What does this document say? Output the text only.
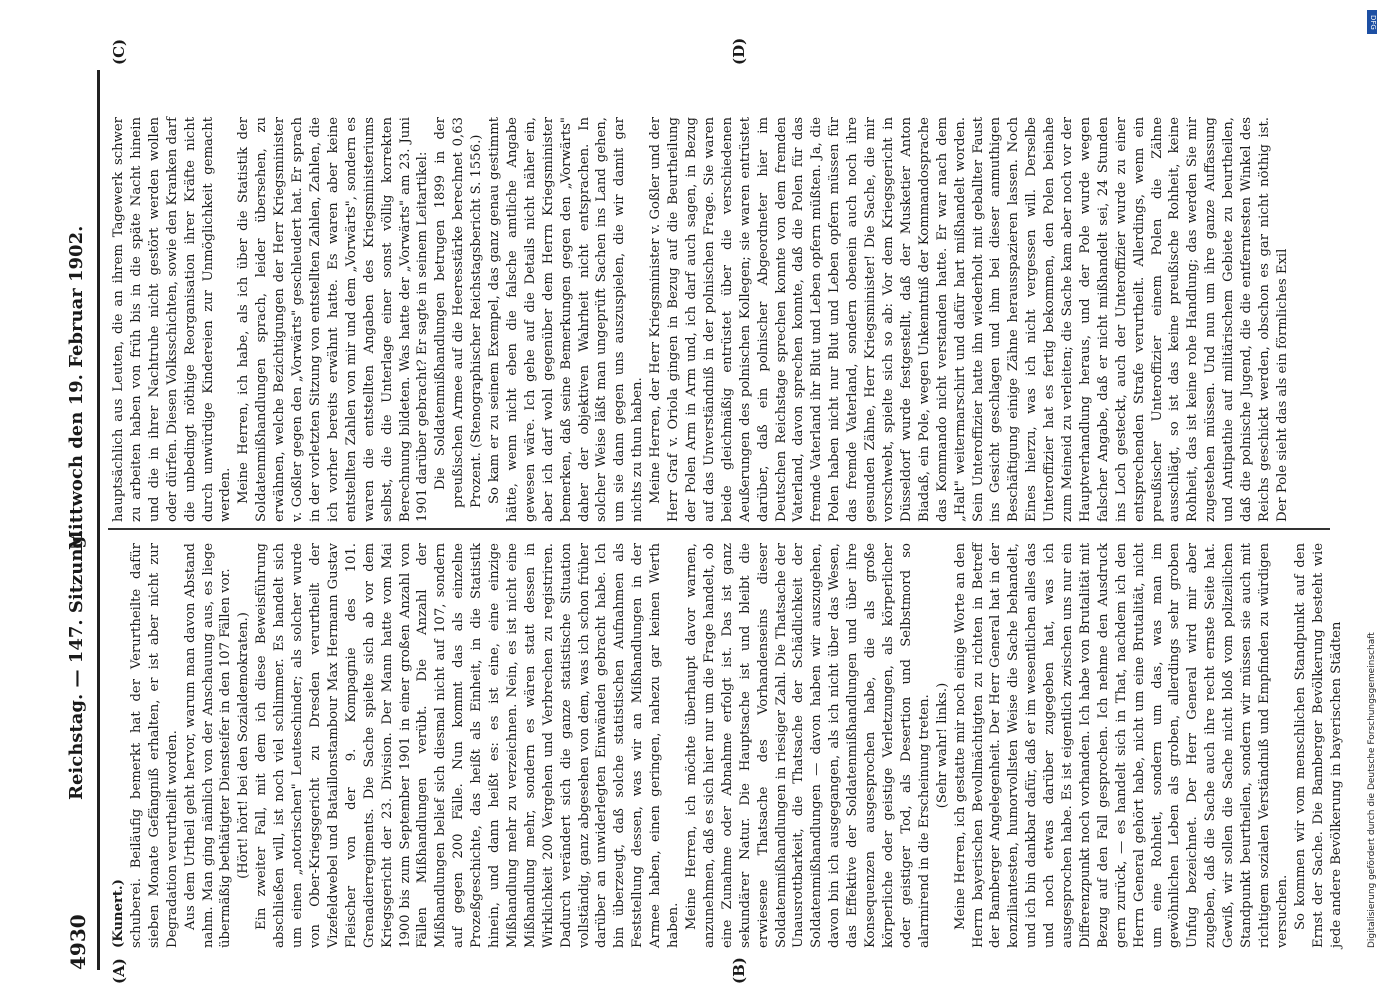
4930
Reichstag. — 147. Sitzung.
Mittwoch den 19. Februar 1902.
(A)	(B)
(C)	(D)

(Kunert.) schuberei. Beiläufig bemerkt hat der Verurtheilte dafür sieben Monate Gefängniß erhalten, er ist aber nicht zur Degradation verurtheilt worden. Aus dem Urtheil geht hervor, warum man davon Abstand nahm. Man ging nämlich von der Anschauung aus, es liege übermäßig bethätigter Diensteifer in den 107 Fällen vor. (Hört! hört! bei den Sozialdemokraten.) Ein zweiter Fall, mit dem ich diese Beweisführung abschließen will, ist noch viel schlimmer. Es handelt sich um einen „notorischen" Leuteschinder; als solcher wurde von Ober-Kriegsgericht zu Dresden verurtheilt der Vizefeldwebel und Bataillonstambour Max Hermann Gustav Fleischer von der 9. Kompagnie des 101. Grenadierregiments. Die Sache spielte sich ab vor dem Kriegsgericht der 23. Division. Der Mann hatte vom Mai 1900 bis zum September 1901 in einer großen Anzahl von Fällen Mißhandlungen verübt. Die Anzahl der Mißhandlungen belief sich diesmal nicht auf 107, sondern auf gegen 200 Fälle. Nun kommt das als einzelne Prozeßgeschichte, das heißt als Einheit, in die Statistik hinein, und dann heißt es: es ist eine, eine einzige Mißhandlung mehr zu verzeichnen. Nein, es ist nicht eine Mißhandlung mehr, sondern es wären statt dessen in Wirklichkeit 200 Vergehen und Verbrechen zu registriren. Dadurch verändert sich die ganze statistische Situation vollständig, ganz abgesehen von dem, was ich schon früher darüber an unwiderlegten Einwänden gebracht habe. Ich bin überzeugt, daß solche statistischen Aufnahmen als Feststellung dessen, was wir an Mißhandlungen in der Armee haben, einen geringen, nahezu gar keinen Werth haben. Meine Herren, ich möchte überhaupt davor warnen, anzunehmen, daß es sich hier nur um die Frage handelt, ob eine Zunahme oder Abnahme erfolgt ist. Das ist ganz sekundärer Natur. Die Hauptsache ist und bleibt die erwiesene Thatsache des Vorhandenseins dieser Soldatenmißhandlungen in riesiger Zahl. Die Thatsache der Unausrottbarkeit, die Thatsache der Schädlichkeit der Soldatenmißhandlungen — davon haben wir auszugehen, davon bin ich ausgegangen, als ich nicht über das Wesen, das Effektive der Soldatenmißhandlungen und über ihre Konsequenzen ausgesprochen habe, die als große körperliche oder geistige Verletzungen, als körperlicher oder geistiger Tod, als Desertion und Selbstmord so alarmirend in die Erscheinung treten. (Sehr wahr! links.) Meine Herren, ich gestatte mir noch einige Worte an den Herrn bayerischen Bevollmächtigten zu richten in Betreff der Bamberger Angelegenheit. Der Herr General hat in der konziliantesten, humorvollsten Weise die Sache behandelt, und ich bin dankbar dafür, daß er im wesentlichen alles das und noch etwas darüber zugegeben hat, was ich ausgesprochen habe. Es ist eigentlich zwischen uns nur ein Differenzpunkt noch vorhanden. Ich habe von Brutalität mit Bezug auf den Fall gesprochen. Ich nehme den Ausdruck gern zurück, — es handelt sich in That, nachdem ich den Herrn General gehört habe, nicht um eine Brutalität, nicht um eine Rohheit, sondern um das, was man im gewöhnlichen Leben als groben, allerdings sehr groben Unfug bezeichnet. Der Herr General wird mir aber zugeben, daß die Sache auch ihre recht ernste Seite hat. Gewiß, wir sollen die Sache nicht bloß vom polizeilichen Standpunkt beurtheilen, sondern wir müssen sie auch mit richtigem sozialen Verständniß und Empfinden zu würdigen versuchen. So kommen wir vom menschlichen Standpunkt auf den Ernst der Sache. Die Bamberger Bevölkerung besteht wie jede andere Bevölkerung in bayerischen Städten

hauptsächlich aus Leuten, die an ihrem Tagewerk schwer zu arbeiten haben von früh bis in die späte Nacht hinein und die in ihrer Nachtruhe nicht gestört werden wollen oder dürfen. Diesen Volksschichten, sowie den Kranken darf die unbedingt nöthige Reorganisation ihrer Kräfte nicht durch unwürdige Kindereien zur Unmöglichkeit gemacht werden. Meine Herren, ich habe, als ich über die Statistik der Soldatenmißhandlungen sprach, leider übersehen, zu erwähnen, welche Bezichtigungen der Herr Kriegsminister v. Goßler gegen den „Vorwärts" geschleudert hat. Er sprach in der vorletzten Sitzung von entstellten Zahlen, Zahlen, die ich vorher bereits erwähnt hatte. Es waren aber keine entstellten Zahlen von mir und dem „Vorwärts", sondern es waren die entstellten Angaben des Kriegsministeriums selbst, die die Unterlage einer sonst völlig korrekten Berechnung bildeten. Was hatte der „Vorwärts" am 23. Juni 1901 darüber gebracht? Er sagte in seinem Leitartikel: Die Soldatenmißhandlungen betrugen 1899 in der preußischen Armee auf die Heeresstärke berechnet 0,63 Prozent. (Stenographischer Reichstagsbericht S. 1556.) So kam er zu seinem Exempel, das ganz genau gestimmt hätte, wenn nicht eben die falsche amtliche Angabe gewesen wäre. Ich gehe auf die Details nicht näher ein, aber ich darf wohl gegenüber dem Herrn Kriegsminister bemerken, daß seine Bemerkungen gegen den „Vorwärts" daher der objektiven Wahrheit nicht entsprachen. In solcher Weise läßt man ungeprüft Sachen ins Land gehen, um sie dann gegen uns auszuspielen, die wir damit gar nichts zu thun haben. Meine Herren, der Herr Kriegsminister v. Goßler und der Herr Graf v. Oriola gingen in Bezug auf die Beurtheilung der Polen Arm in Arm und, ich darf auch sagen, in Bezug auf das Unverständniß in der polnischen Frage. Sie waren beide gleichmäßig entrüstet über die verschiedenen Aeußerungen des polnischen Kollegen; sie waren entrüstet darüber, daß ein polnischer Abgeordneter hier im Deutschen Reichstage sprechen konnte von dem fremden Vaterland, davon sprechen konnte, daß die Polen für das fremde Vaterland ihr Blut und Leben opfern müßten. Ja, die Polen haben nicht nur Blut und Leben opfern müssen für das fremde Vaterland, sondern obenein auch noch ihre gesunden Zähne, Herr Kriegsminister! Die Sache, die mir vorschwebt, spielte sich so ab: Vor dem Kriegsgericht in Düsseldorf wurde festgestellt, daß der Musketier Anton Biadaß, ein Pole, wegen Unkenntniß der Kommandosprache das Kommando nicht verstanden hatte. Er war nach dem „Halt" weitermarschirt und dafür hart mißhandelt worden. Sein Unteroffizier hatte ihn wiederholt mit geballter Faust ins Gesicht geschlagen und ihm bei dieser anmuthigen Beschäftigung einige Zähne herausspazieren lassen. Noch Eines hierzu, was ich nicht vergessen will. Derselbe Unteroffizier hat es fertig bekommen, den Polen beinahe zum Meineid zu verleiten; die Sache kam aber noch vor der Hauptverhandlung heraus, und der Pole wurde wegen falscher Angabe, daß er nicht mißhandelt sei, 24 Stunden ins Loch gesteckt, auch der Unteroffizier wurde zu einer entsprechenden Strafe verurtheilt. Allerdings, wenn ein preußischer Unteroffizier einem Polen die Zähne ausschlägt, so ist das keine preußische Rohheit, keine Rohheit, das ist keine rohe Handlung; das werden Sie mir zugestehen müssen. Und nun um ihre ganze Auffassung und Antipathie auf militärischem Gebiete zu beurtheilen, daß die polnische Jugend, die die entferntesten Winkel des Reichs geschickt werden, obschon es gar nicht nöthig ist. Der Pole sieht das als ein förmliches Exil

Digitalisierung gefördert durch die Deutsche Forschungsgemeinschaft
DFG
